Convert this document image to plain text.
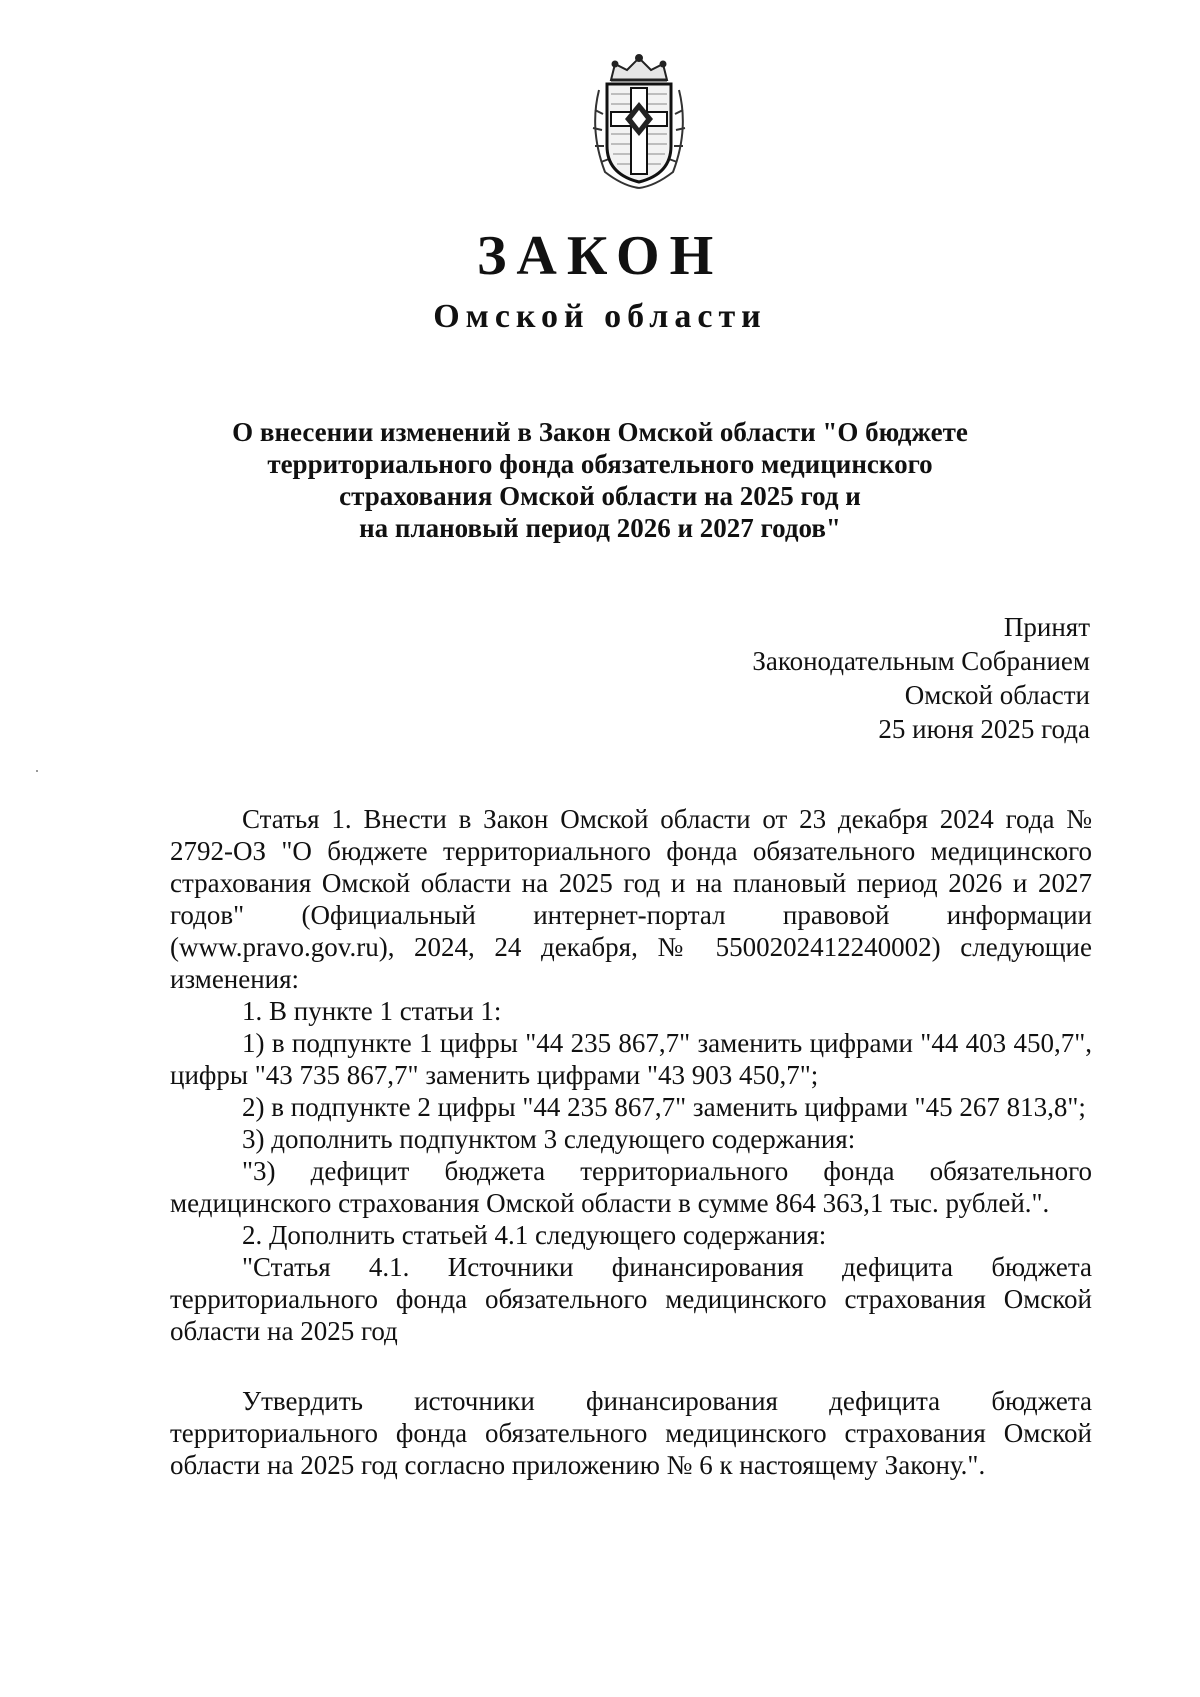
ЗАКОН
Омской области
О внесении изменений в Закон Омской области "О бюджете
территориального фонда обязательного медицинского
страхования Омской области на 2025 год и
на плановый период 2026 и 2027 годов"
Принят
Законодательным Собранием
Омской области
25 июня 2025 года

Статья 1. Внести в Закон Омской области от 23 декабря 2024 года № 2792-ОЗ "О бюджете территориального фонда обязательного медицинского страхования Омской области на 2025 год и на плановый период 2026 и 2027 годов" (Официальный интернет-портал правовой информации (www.pravo.gov.ru), 2024, 24 декабря, № 5500202412240002) следующие изменения:

1. В пункте 1 статьи 1:

1) в подпункте 1 цифры "44 235 867,7" заменить цифрами "44 403 450,7", цифры "43 735 867,7" заменить цифрами "43 903 450,7";

2) в подпункте 2 цифры "44 235 867,7" заменить цифрами "45 267 813,8";

3) дополнить подпунктом 3 следующего содержания:

"3) дефицит бюджета территориального фонда обязательного медицинского страхования Омской области в сумме 864 363,1 тыс. рублей.".

2. Дополнить статьей 4.1 следующего содержания:

"Статья 4.1. Источники финансирования дефицита бюджета территориального фонда обязательного медицинского страхования Омской области на 2025 год

Утвердить источники финансирования дефицита бюджета территориального фонда обязательного медицинского страхования Омской области на 2025 год согласно приложению № 6 к настоящему Закону.".
